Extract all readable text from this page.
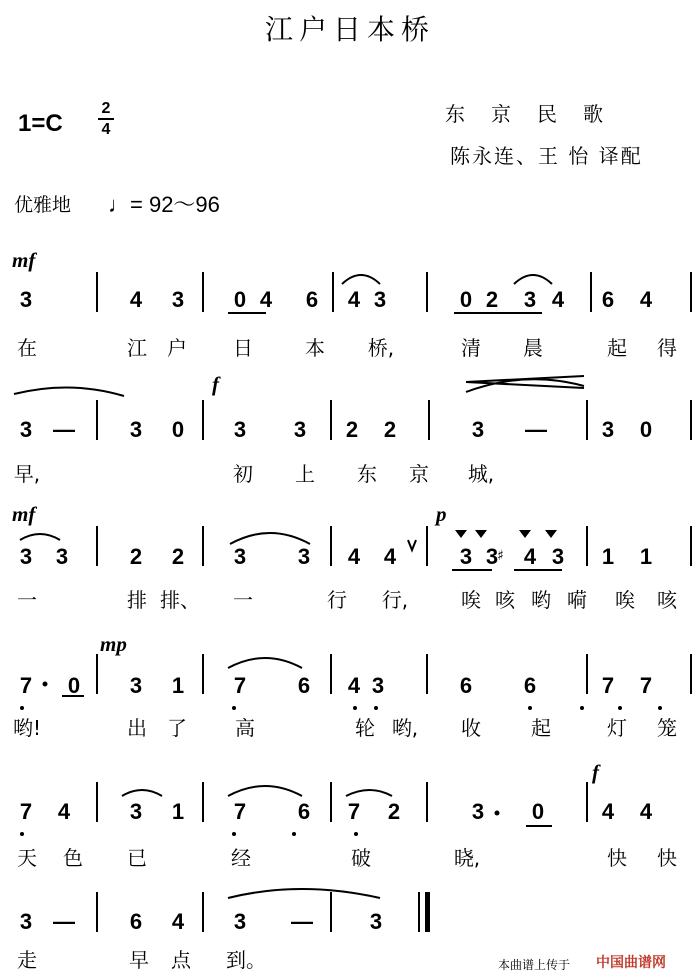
江户日本桥
1=C
2
4
东京民歌
陈永连、王 怡 译配
优雅地 ♩= 92～96
mf
f
mf	p
mp
f
3	4 3 0 4 6 4 3	0 2 3 4 6 4
在	江 户 日	本 桥,	清 晨	起 得
3 — 3 0 3 3 2 2	3 — 3 0
早,	初 上 东 京 城,
3 3	2 2 3 3 4 4	3 3 4 3 1 1
一	排 排、 一	行 行,	唉 咳 哟 嗬 唉 咳
7 0 3 1 7 6 4 3	6 6	7 7
哟!	出 了 高	轮 哟, 收	起	灯 笼
7 4	3 1 7 6 7 2	3 0	4 4
天 色 已	经	破	晓,	快 快
3 — 6 4 3 —	3
走	早 点 到。
♯
本曲谱上传于 中国曲谱网
